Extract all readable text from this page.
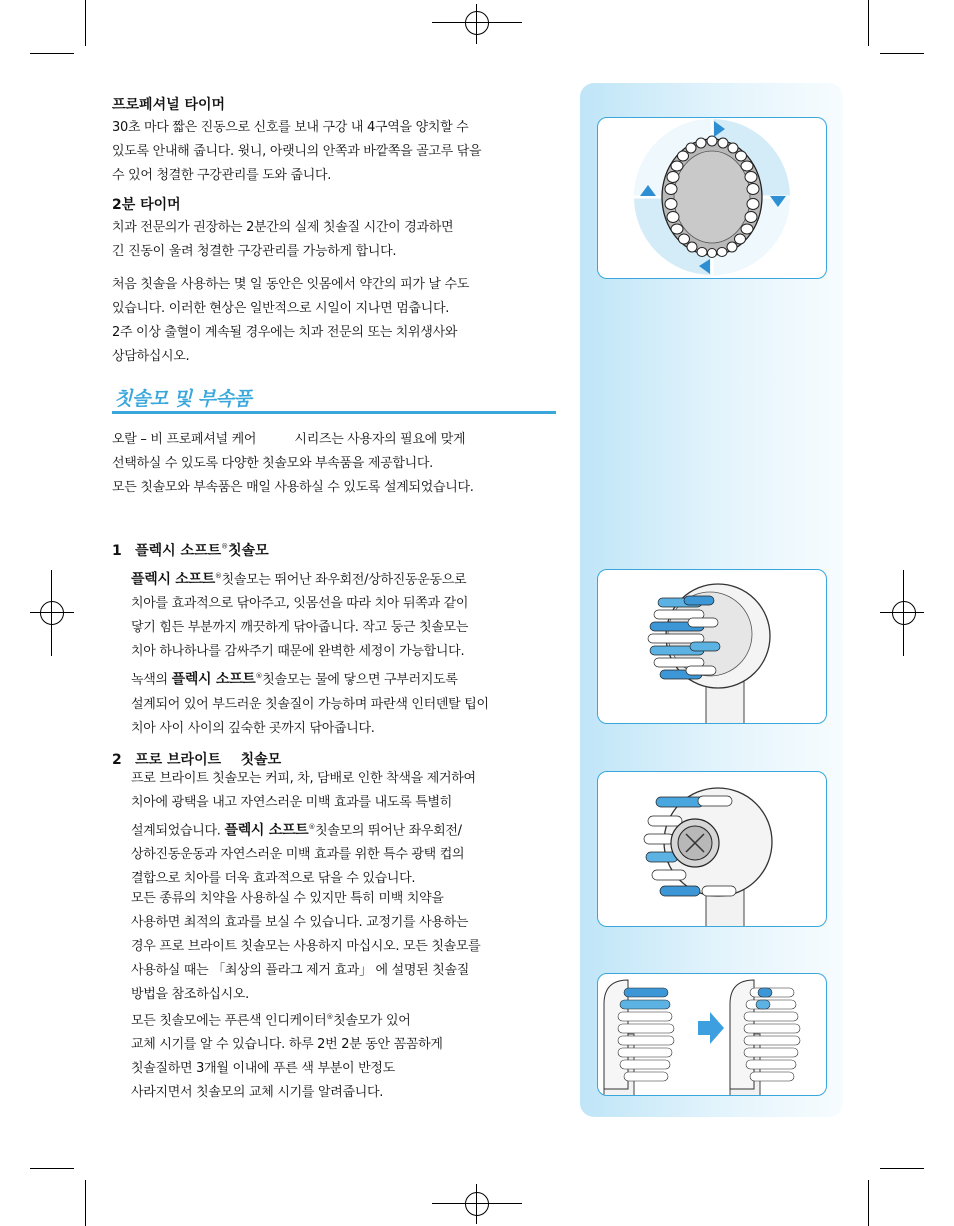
프로페셔널 타이머

30초 마다 짧은 진동으로 신호를 보내 구강 내 4구역을 양치할 수

있도록 안내해 줍니다. 윗니, 아랫니의 안쪽과 바깥쪽을 골고루 닦을

수 있어 청결한 구강관리를 도와 줍니다.

2분 타이머

치과 전문의가 권장하는 2분간의 실제 칫솔질 시간이 경과하면

긴 진동이 울려 청결한 구강관리를 가능하게 합니다.

처음 칫솔을 사용하는 몇 일 동안은 잇몸에서 약간의 피가 날 수도

있습니다. 이러한 현상은 일반적으로 시일이 지나면 멈춥니다.

2주 이상 출혈이 계속될 경우에는 치과 전문의 또는 치위생사와

상담하십시오.

칫솔모 및 부속품

오랄 – 비 프로페셔널 케어          시리즈는 사용자의 필요에 맞게

선택하실 수 있도록 다양한 칫솔모와 부속품을 제공합니다.

모든 칫솔모와 부속품은 매일 사용하실 수 있도록 설계되었습니다.

1 플렉시 소프트®칫솔모

플렉시 소프트®칫솔모는 뛰어난 좌우회전/상하진동운동으로

치아를 효과적으로 닦아주고, 잇몸선을 따라 치아 뒤쪽과 같이

닿기 힘든 부분까지 깨끗하게 닦아줍니다. 작고 둥근 칫솔모는

치아 하나하나를 감싸주기 때문에 완벽한 세정이 가능합니다.

녹색의 플렉시 소프트®칫솔모는 물에 닿으면 구부러지도록

설계되어 있어 부드러운 칫솔질이 가능하며 파란색 인터덴탈 팁이

치아 사이 사이의 깊숙한 곳까지 닦아줍니다.

2 프로 브라이트    칫솔모

프로 브라이트 칫솔모는 커피, 차, 담배로 인한 착색을 제거하여

치아에 광택을 내고 자연스러운 미백 효과를 내도록 특별히

설계되었습니다. 플렉시 소프트®칫솔모의 뛰어난 좌우회전/

상하진동운동과 자연스러운 미백 효과를 위한 특수 광택 컵의

결합으로 치아를 더욱 효과적으로 닦을 수 있습니다.

모든 종류의 치약을 사용하실 수 있지만 특히 미백 치약을

사용하면 최적의 효과를 보실 수 있습니다. 교정기를 사용하는

경우 프로 브라이트 칫솔모는 사용하지 마십시오. 모든 칫솔모를

사용하실 때는 「최상의 플라그 제거 효과」 에 설명된 칫솔질

방법을 참조하십시오.

모든 칫솔모에는 푸른색 인디케이터®칫솔모가 있어

교체 시기를 알 수 있습니다. 하루 2번 2분 동안 꼼꼼하게

칫솔질하면 3개월 이내에 푸른 색 부분이 반정도

사라지면서 칫솔모의 교체 시기를 알려줍니다.
